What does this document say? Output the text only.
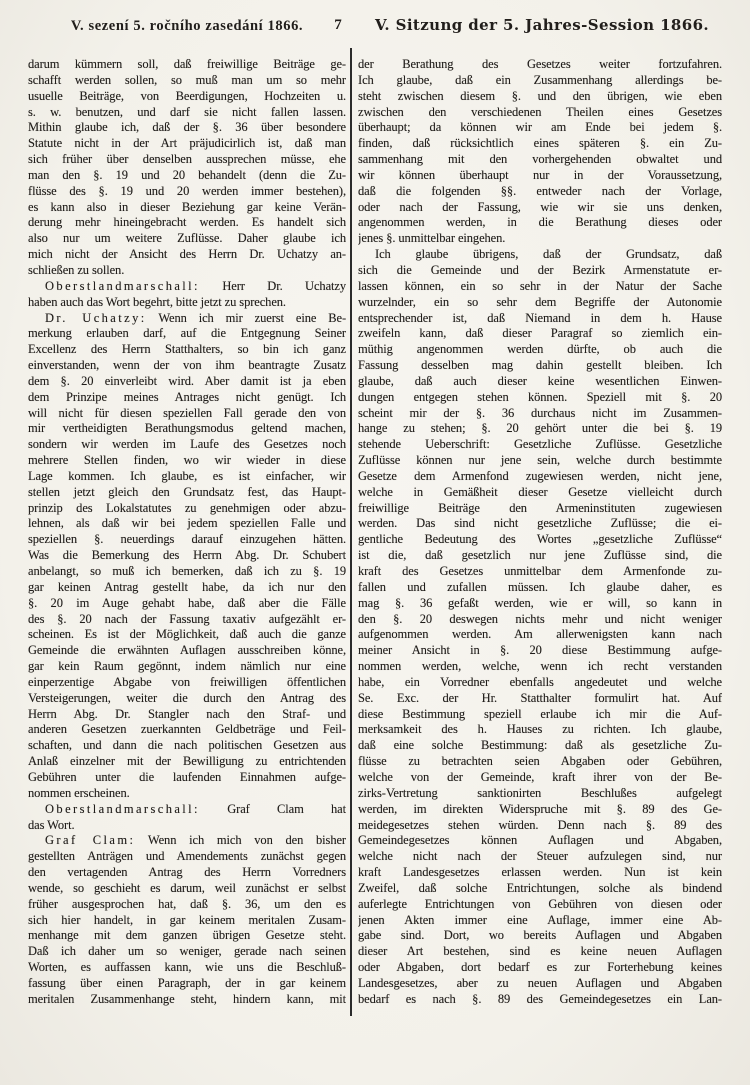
V. sezení 5. ročního zasedání 1866.	7	V. Sitzung der 5. Jahres-Session 1866.
darum kümmern soll, daß freiwillige Beiträge ge-
schafft werden sollen, so muß man um so mehr
usuelle Beiträge, von Beerdigungen, Hochzeiten u.
s. w. benutzen, und darf sie nicht fallen lassen.
Mithin glaube ich, daß der §. 36 über besondere
Statute nicht in der Art präjudicirlich ist, daß man
sich früher über denselben aussprechen müsse, ehe
man den §. 19 und 20 behandelt (denn die Zu-
flüsse des §. 19 und 20 werden immer bestehen),
es kann also in dieser Beziehung gar keine Verän-
derung mehr hineingebracht werden. Es handelt sich
also nur um weitere Zuflüsse. Daher glaube ich
mich nicht der Ansicht des Herrn Dr. Uchatzy an-
schließen zu sollen.
Oberstlandmarschall: Herr Dr. Uchatzy
haben auch das Wort begehrt, bitte jetzt zu sprechen.
Dr. Uchatzy: Wenn ich mir zuerst eine Be-
merkung erlauben darf, auf die Entgegnung Seiner
Excellenz des Herrn Statthalters, so bin ich ganz
einverstanden, wenn der von ihm beantragte Zusatz
dem §. 20 einverleibt wird. Aber damit ist ja eben
dem Prinzipe meines Antrages nicht genügt. Ich
will nicht für diesen speziellen Fall gerade den von
mir vertheidigten Berathungsmodus geltend machen,
sondern wir werden im Laufe des Gesetzes noch
mehrere Stellen finden, wo wir wieder in diese
Lage kommen. Ich glaube, es ist einfacher, wir
stellen jetzt gleich den Grundsatz fest, das Haupt-
prinzip des Lokalstatutes zu genehmigen oder abzu-
lehnen, als daß wir bei jedem speziellen Falle und
speziellen §. neuerdings darauf einzugehen hätten.
Was die Bemerkung des Herrn Abg. Dr. Schubert
anbelangt, so muß ich bemerken, daß ich zu §. 19
gar keinen Antrag gestellt habe, da ich nur den
§. 20 im Auge gehabt habe, daß aber die Fälle
des §. 20 nach der Fassung taxativ aufgezählt er-
scheinen. Es ist der Möglichkeit, daß auch die ganze
Gemeinde die erwähnten Auflagen ausschreiben könne,
gar kein Raum gegönnt, indem nämlich nur eine
einperzentige Abgabe von freiwilligen öffentlichen
Versteigerungen, weiter die durch den Antrag des
Herrn Abg. Dr. Stangler nach den Straf- und
anderen Gesetzen zuerkannten Geldbeträge und Feil-
schaften, und dann die nach politischen Gesetzen aus
Anlaß einzelner mit der Bewilligung zu entrichtenden
Gebühren unter die laufenden Einnahmen aufge-
nommen erscheinen.
Oberstlandmarschall: Graf Clam hat
das Wort.
Graf Clam: Wenn ich mich von den bisher
gestellten Anträgen und Amendements zunächst gegen
den vertagenden Antrag des Herrn Vorredners
wende, so geschieht es darum, weil zunächst er selbst
früher ausgesprochen hat, daß §. 36, um den es
sich hier handelt, in gar keinem meritalen Zusam-
menhange mit dem ganzen übrigen Gesetze steht.
Daß ich daher um so weniger, gerade nach seinen
Worten, es auffassen kann, wie uns die Beschluß-
fassung über einen Paragraph, der in gar keinem
meritalen Zusammenhange steht, hindern kann, mit
der Berathung des Gesetzes weiter fortzufahren.
Ich glaube, daß ein Zusammenhang allerdings be-
steht zwischen diesem §. und den übrigen, wie eben
zwischen den verschiedenen Theilen eines Gesetzes
überhaupt; da können wir am Ende bei jedem §.
finden, daß rücksichtlich eines späteren §. ein Zu-
sammenhang mit den vorhergehenden obwaltet und
wir können überhaupt nur in der Voraussetzung,
daß die folgenden §§. entweder nach der Vorlage,
oder nach der Fassung, wie wir sie uns denken,
angenommen werden, in die Berathung dieses oder
jenes §. unmittelbar eingehen.
Ich glaube übrigens, daß der Grundsatz, daß
sich die Gemeinde und der Bezirk Armenstatute er-
lassen können, ein so sehr in der Natur der Sache
wurzelnder, ein so sehr dem Begriffe der Autonomie
entsprechender ist, daß Niemand in dem h. Hause
zweifeln kann, daß dieser Paragraf so ziemlich ein-
müthig angenommen werden dürfte, ob auch die
Fassung desselben mag dahin gestellt bleiben. Ich
glaube, daß auch dieser keine wesentlichen Einwen-
dungen entgegen stehen können. Speziell mit §. 20
scheint mir der §. 36 durchaus nicht im Zusammen-
hange zu stehen; §. 20 gehört unter die bei §. 19
stehende Ueberschrift: Gesetzliche Zuflüsse. Gesetzliche
Zuflüsse können nur jene sein, welche durch bestimmte
Gesetze dem Armenfond zugewiesen werden, nicht jene,
welche in Gemäßheit dieser Gesetze vielleicht durch
freiwillige Beiträge den Armeninstituten zugewiesen
werden. Das sind nicht gesetzliche Zuflüsse; die ei-
gentliche Bedeutung des Wortes „gesetzliche Zuflüsse“
ist die, daß gesetzlich nur jene Zuflüsse sind, die
kraft des Gesetzes unmittelbar dem Armenfonde zu-
fallen und zufallen müssen. Ich glaube daher, es
mag §. 36 gefaßt werden, wie er will, so kann in
den §. 20 deswegen nichts mehr und nicht weniger
aufgenommen werden. Am allerwenigsten kann nach
meiner Ansicht in §. 20 diese Bestimmung aufge-
nommen werden, welche, wenn ich recht verstanden
habe, ein Vorredner ebenfalls angedeutet und welche
Se. Exc. der Hr. Statthalter formulirt hat. Auf
diese Bestimmung speziell erlaube ich mir die Auf-
merksamkeit des h. Hauses zu richten. Ich glaube,
daß eine solche Bestimmung: daß als gesetzliche Zu-
flüsse zu betrachten seien Abgaben oder Gebühren,
welche von der Gemeinde, kraft ihrer von der Be-
zirks-Vertretung sanktionirten Beschlußes aufgelegt
werden, im direkten Widerspruche mit §. 89 des Ge-
meidegesetzes stehen würden. Denn nach §. 89 des
Gemeindegesetzes können Auflagen und Abgaben,
welche nicht nach der Steuer aufzulegen sind, nur
kraft Landesgesetzes erlassen werden. Nun ist kein
Zweifel, daß solche Entrichtungen, solche als bindend
auferlegte Entrichtungen von Gebühren von diesen oder
jenen Akten immer eine Auflage, immer eine Ab-
gabe sind. Dort, wo bereits Auflagen und Abgaben
dieser Art bestehen, sind es keine neuen Auflagen
oder Abgaben, dort bedarf es zur Forterhebung keines
Landesgesetzes, aber zu neuen Auflagen und Abgaben
bedarf es nach §. 89 des Gemeindegesetzes ein Lan-
